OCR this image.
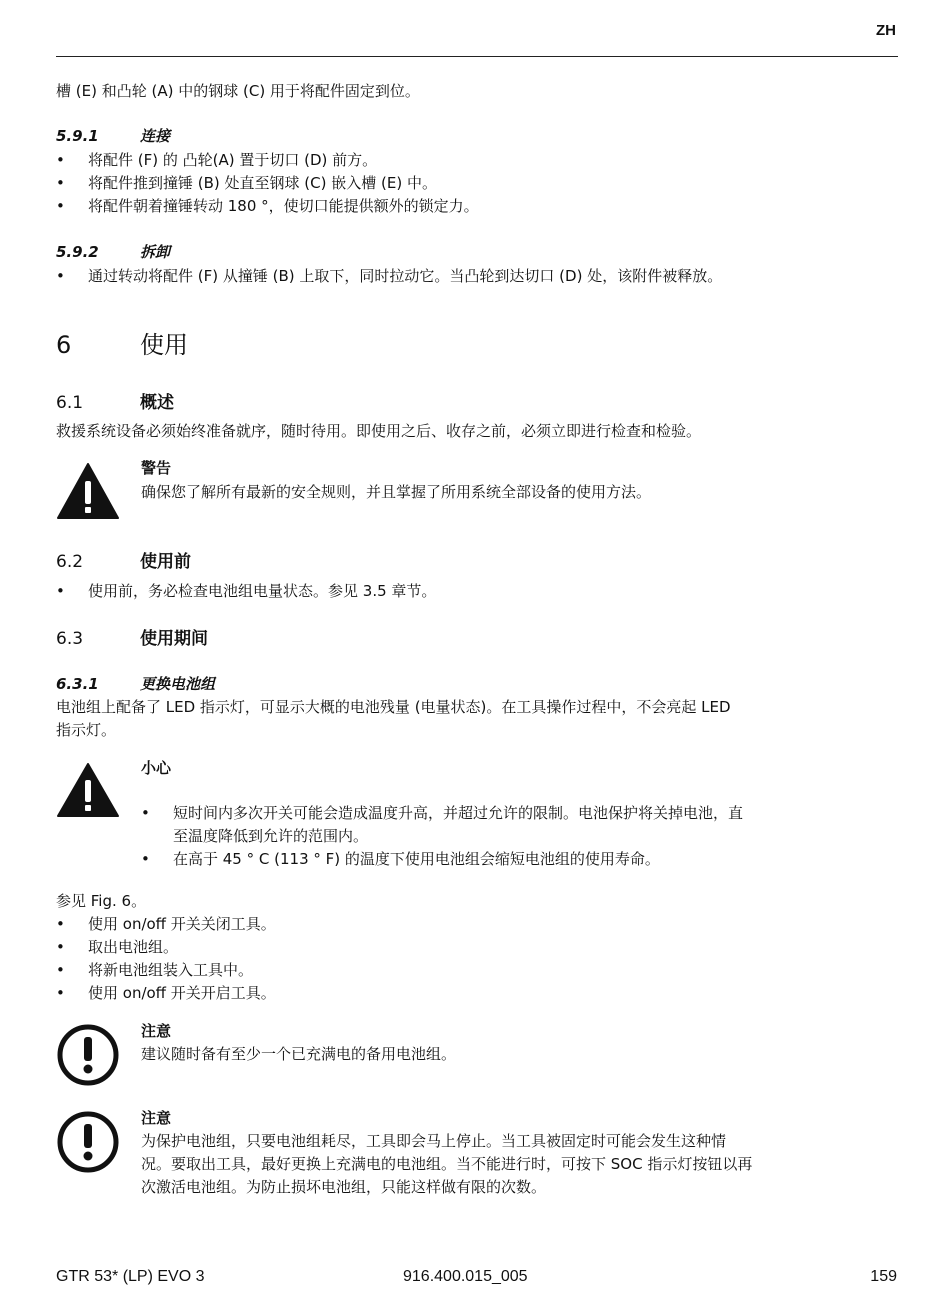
ZH
槽 (E) 和凸轮 (A) 中的钢球 (C) 用于将配件固定到位。
5.9.1	连接
• 将配件 (F) 的 凸轮(A) 置于切口 (D) 前方。
• 将配件推到撞锤 (B) 处直至钢球 (C) 嵌入槽 (E) 中。
• 将配件朝着撞锤转动 180 °，使切口能提供额外的锁定力。
5.9.2	拆卸
• 通过转动将配件 (F) 从撞锤 (B) 上取下，同时拉动它。当凸轮到达切口 (D) 处，该附件被释放。
6	使用
6.1	概述
救援系统设备必须始终准备就序，随时待用。即使用之后、收存之前，必须立即进行检查和检验。
警告
确保您了解所有最新的安全规则，并且掌握了所用系统全部设备的使用方法。
6.2	使用前
• 使用前，务必检查电池组电量状态。参见 3.5 章节。
6.3	使用期间
6.3.1	更换电池组
电池组上配备了 LED 指示灯，可显示大概的电池残量 (电量状态)。在工具操作过程中，不会亮起 LED
指示灯。
小心
• 短时间内多次开关可能会造成温度升高，并超过允许的限制。电池保护将关掉电池，直
至温度降低到允许的范围内。
• 在高于 45 ° C (113 ° F) 的温度下使用电池组会缩短电池组的使用寿命。
参见 Fig. 6。
• 使用 on/off 开关关闭工具。
• 取出电池组。
• 将新电池组装入工具中。
• 使用 on/off 开关开启工具。
注意
建议随时备有至少一个已充满电的备用电池组。
注意
为保护电池组，只要电池组耗尽，工具即会马上停止。当工具被固定时可能会发生这种情
况。要取出工具，最好更换上充满电的电池组。当不能进行时，可按下 SOC 指示灯按钮以再
次激活电池组。为防止损坏电池组，只能这样做有限的次数。
GTR 53* (LP) EVO 3	916.400.015_005	159
